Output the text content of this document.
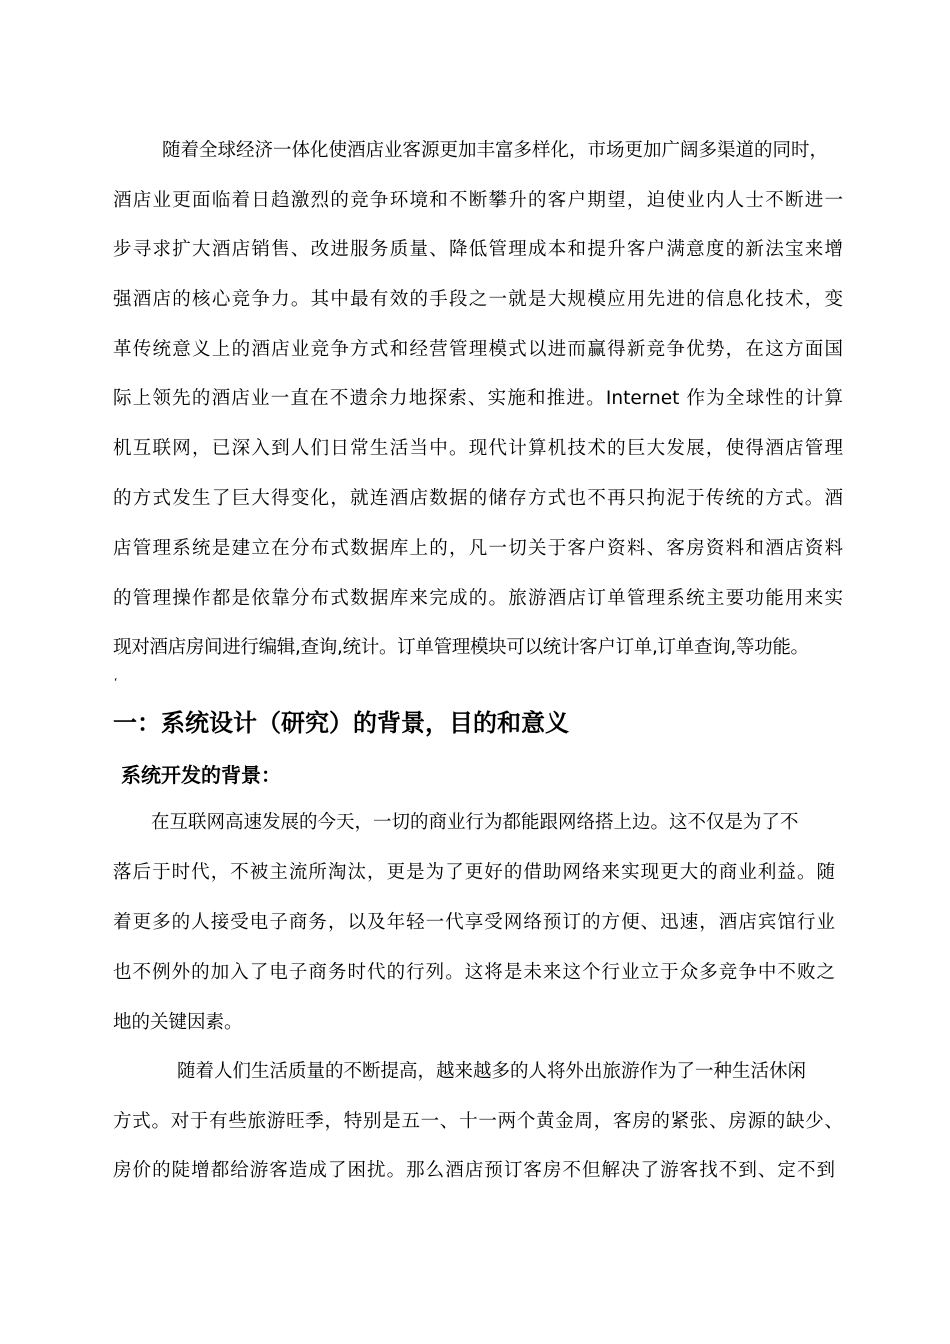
随着全球经济一体化使酒店业客源更加丰富多样化，市场更加广阔多渠道的同时，
酒店业更面临着日趋激烈的竞争环境和不断攀升的客户期望，迫使业内人士不断进一
步寻求扩大酒店销售、改进服务质量、降低管理成本和提升客户满意度的新法宝来增
强酒店的核心竞争力。其中最有效的手段之一就是大规模应用先进的信息化技术，变
革传统意义上的酒店业竞争方式和经营管理模式以进而赢得新竞争优势，在这方面国
际上领先的酒店业一直在不遗余力地探索、实施和推进。Internet 作为全球性的计算
机互联网，已深入到人们日常生活当中。现代计算机技术的巨大发展，使得酒店管理
的方式发生了巨大得变化，就连酒店数据的储存方式也不再只拘泥于传统的方式。酒
店管理系统是建立在分布式数据库上的，凡一切关于客户资料、客房资料和酒店资料
的管理操作都是依靠分布式数据库来完成的。旅游酒店订单管理系统主要功能用来实
现对酒店房间进行编辑,查询,统计。订单管理模块可以统计客户订单,订单查询,等功能。
‘
一：系统设计（研究）的背景，目的和意义
系统开发的背景：
在互联网高速发展的今天，一切的商业行为都能跟网络搭上边。这不仅是为了不
落后于时代，不被主流所淘汰，更是为了更好的借助网络来实现更大的商业利益。随
着更多的人接受电子商务，以及年轻一代享受网络预订的方便、迅速，酒店宾馆行业
也不例外的加入了电子商务时代的行列。这将是未来这个行业立于众多竞争中不败之
地的关键因素。
随着人们生活质量的不断提高，越来越多的人将外出旅游作为了一种生活休闲
方式。对于有些旅游旺季，特别是五一、十一两个黄金周，客房的紧张、房源的缺少、
房价的陡增都给游客造成了困扰。那么酒店预订客房不但解决了游客找不到、定不到
